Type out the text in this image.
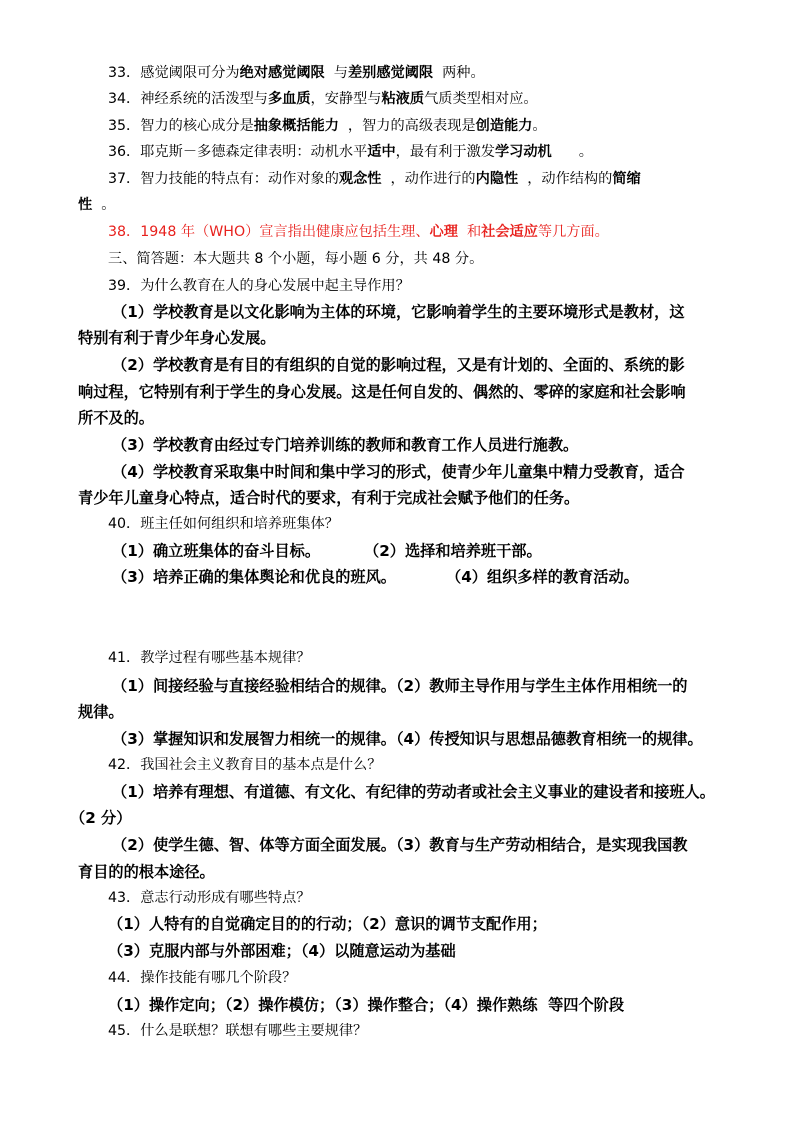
33．感觉阈限可分为绝对感觉阈限  与差别感觉阈限  两种。
34．神经系统的活泼型与多血质，安静型与粘液质气质类型相对应。
35．智力的核心成分是抽象概括能力  ，智力的高级表现是创造能力。
36．耶克斯－多德森定律表明：动机水平适中，最有利于激发学习动机      。
37．智力技能的特点有：动作对象的观念性  ，动作进行的内隐性  ，动作结构的简缩
性  。
38．1948 年（WHO）宣言指出健康应包括生理、心理  和社会适应等几方面。
三、简答题：本大题共 8 个小题，每小题 6 分，共 48 分。
39．为什么教育在人的身心发展中起主导作用？
（1）学校教育是以文化影响为主体的环境，它影响着学生的主要环境形式是教材，这
特别有利于青少年身心发展。
（2）学校教育是有目的有组织的自觉的影响过程，又是有计划的、全面的、系统的影
响过程，它特别有利于学生的身心发展。这是任何自发的、偶然的、零碎的家庭和社会影响
所不及的。
（3）学校教育由经过专门培养训练的教师和教育工作人员进行施教。
（4）学校教育采取集中时间和集中学习的形式，使青少年儿童集中精力受教育，适合
青少年儿童身心特点，适合时代的要求，有利于完成社会赋予他们的任务。
40．班主任如何组织和培养班集体？
（1）确立班集体的奋斗目标。	（2）选择和培养班干部。
（3）培养正确的集体舆论和优良的班风。	（4）组织多样的教育活动。
41．教学过程有哪些基本规律？
（1）间接经验与直接经验相结合的规律。（2）教师主导作用与学生主体作用相统一的
规律。
（3）掌握知识和发展智力相统一的规律。（4）传授知识与思想品德教育相统一的规律。
42．我国社会主义教育目的基本点是什么？
（1）培养有理想、有道德、有文化、有纪律的劳动者或社会主义事业的建设者和接班人。
（2 分）
（2）使学生德、智、体等方面全面发展。（3）教育与生产劳动相结合，是实现我国教
育目的的根本途径。
43．意志行动形成有哪些特点？
（1）人特有的自觉确定目的的行动；（2）意识的调节支配作用；
（3）克服内部与外部困难；（4）以随意运动为基础
44．操作技能有哪几个阶段？
（1）操作定向；（2）操作模仿；（3）操作整合；（4）操作熟练  等四个阶段
45．什么是联想？联想有哪些主要规律？
